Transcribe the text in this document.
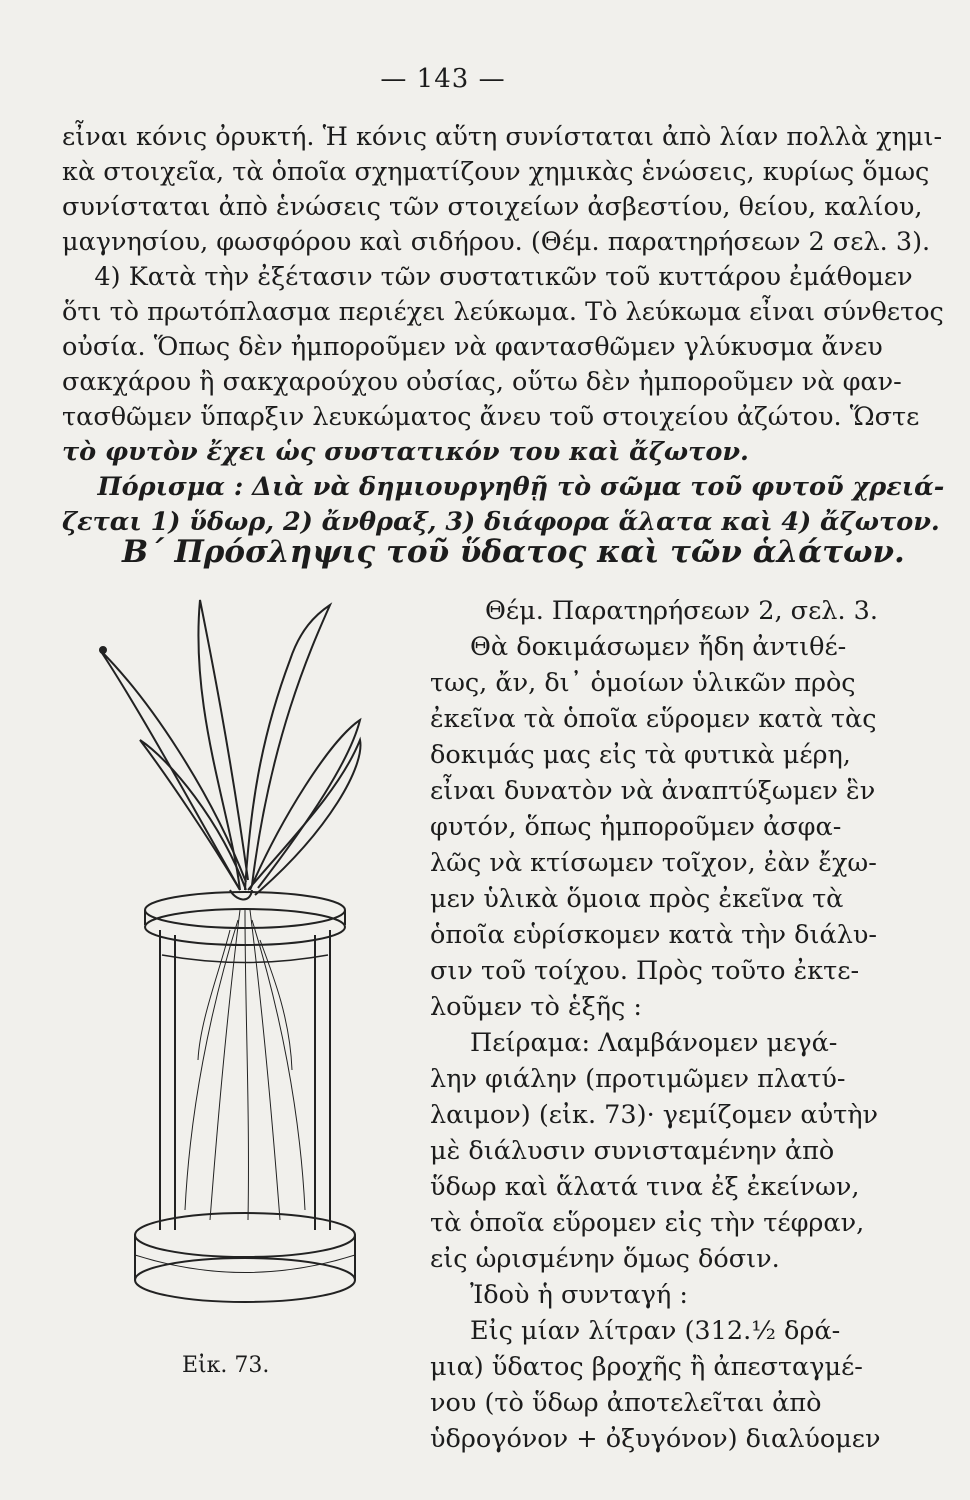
— 143 —

εἶναι κόνις ὀρυκτή. Ἡ κόνις αὕτη συνίσταται ἀπὸ λίαν πολλὰ χημι-

κὰ στοιχεῖα, τὰ ὁποῖα σχηματίζουν χημικὰς ἑνώσεις, κυρίως ὅμως

συνίσταται ἀπὸ ἑνώσεις τῶν στοιχείων ἀσβεστίου, θείου, καλίου,

μαγνησίου, φωσφόρου καὶ σιδήρου. (Θέμ. παρατηρήσεων 2 σελ. 3).

4) Κατὰ τὴν ἐξέτασιν τῶν συστατικῶν τοῦ κυττάρου ἐμάθομεν

ὅτι τὸ πρωτόπλασμα περιέχει λεύκωμα. Τὸ λεύκωμα εἶναι σύνθετος

οὐσία. Ὅπως δὲν ἠμποροῦμεν νὰ φαντασθῶμεν γλύκυσμα ἄνευ

σακχάρου ἢ σακχαρούχου οὐσίας, οὕτω δὲν ἠμποροῦμεν νὰ φαν-

τασθῶμεν ὕπαρξιν λευκώματος ἄνευ τοῦ στοιχείου ἀζώτου. Ὥστε

τὸ φυτὸν ἔχει ὡς συστατικόν του καὶ ἄζωτον.

Πόρισμα : Διὰ νὰ δημιουργηθῇ τὸ σῶμα τοῦ φυτοῦ χρειά-

ζεται 1) ὕδωρ, 2) ἄνθραξ, 3) διάφορα ἅλατα καὶ 4) ἄζωτον.

Β΄ Πρόσληψις τοῦ ὕδατος καὶ τῶν ἁλάτων.
Εἰκ. 73.

Θέμ. Παρατηρήσεων 2, σελ. 3.

Θὰ δοκιμάσωμεν ἤδη ἀντιθέ-

τως, ἄν, δι᾿ ὁμοίων ὑλικῶν πρὸς

ἐκεῖνα τὰ ὁποῖα εὕρομεν κατὰ τὰς

δοκιμάς μας εἰς τὰ φυτικὰ μέρη,

εἶναι δυνατὸν νὰ ἀναπτύξωμεν ἓν

φυτόν, ὅπως ἠμποροῦμεν ἀσφα-

λῶς νὰ κτίσωμεν τοῖχον, ἐὰν ἔχω-

μεν ὑλικὰ ὅμοια πρὸς ἐκεῖνα τὰ

ὁποῖα εὑρίσκομεν κατὰ τὴν διάλυ-

σιν τοῦ τοίχου. Πρὸς τοῦτο ἐκτε-

λοῦμεν τὸ ἑξῆς :

Πείραμα: Λαμβάνομεν μεγά-

λην φιάλην (προτιμῶμεν πλατύ-

λαιμον) (εἰκ. 73)· γεμίζομεν αὐτὴν

μὲ διάλυσιν συνισταμένην ἀπὸ

ὕδωρ καὶ ἅλατά τινα ἐξ ἐκείνων,

τὰ ὁποῖα εὕρομεν εἰς τὴν τέφραν,

εἰς ὡρισμένην ὅμως δόσιν.

Ἰδοὺ ἡ συνταγή :

Εἰς μίαν λίτραν (312.½ δρά-

μια) ὕδατος βροχῆς ἢ ἀπεσταγμέ-

νου (τὸ ὕδωρ ἀποτελεῖται ἀπὸ

ὑδρογόνον + ὀξυγόνον) διαλύομεν
